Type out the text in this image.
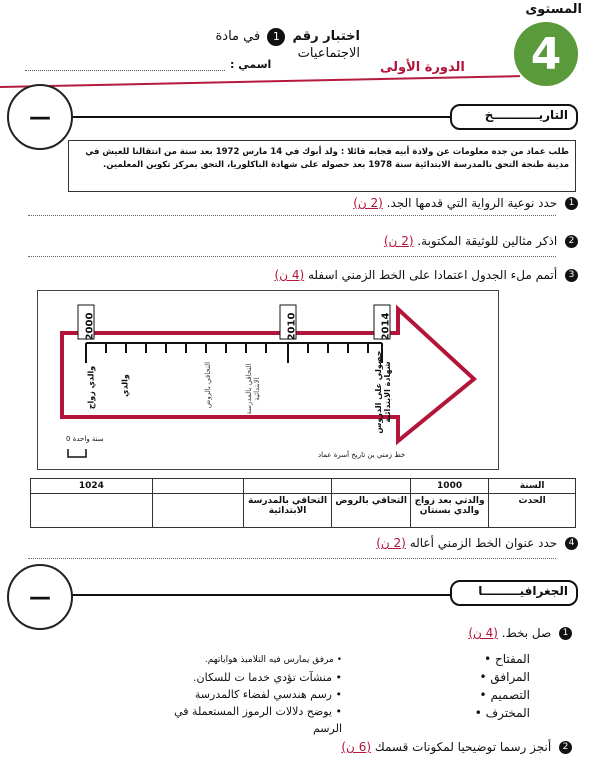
المستوى
4
اختبار رقم 1 في مادة الاجتماعيات
الدورة الأولى
اسمي :
—	التاريـــــــــــخ
طلب عماد من جده معلومات عن ولادة أبيه فجابه قائلا : ولد أبوك في 14 مارس 1972 بعد سنة من انتقالنا للعيش في مدينة طنجة التحق بالمدرسة الابتدائية سنة 1978 بعد حصوله على شهادة الباكلوريا، التحق بمركز تكوين المعلمين.
1 حدد نوعية الرواية التي قدمها الجد. (2 ن)
2 اذكر مثالين للوثيقة المكتوبة. (2 ن)
3 أتمم ملء الجدول اعتمادا على الخط الزمني اسفله (4 ن)
2000	2010	2014
والدي زواج	والدي	التحاقي بالروض	التحاقي بالمدرسة الابتدائية	حصولي على الدروس شهادة الابتدائية
سنة واحدة 0
خط زمني بن تاريخ أسرة عماد
السنة	1000				1024
الحدث	والدتي بعد زواج والدي بسنتان	التحاقي بالروض	التحاقي بالمدرسة الابتدائية		
4 حدد عنوان الخط الزمني أعاله (2 ن)
—	الجغرافيـــــــــا
1 صل بخط. (4 ن)
المفتاح •
المرافق •
التصميم •
المخترف •
• مرفق يمارس فيه التلاميذ هواياتهم.
• منشآت تؤدي خدما ت للسكان.
• رسم هندسي لفضاء كالمدرسة
• يوضح دلالات الرموز المستعملة في الرسم
2 أنجز رسما توضيحيا لمكونات قسمك (6 ن)
